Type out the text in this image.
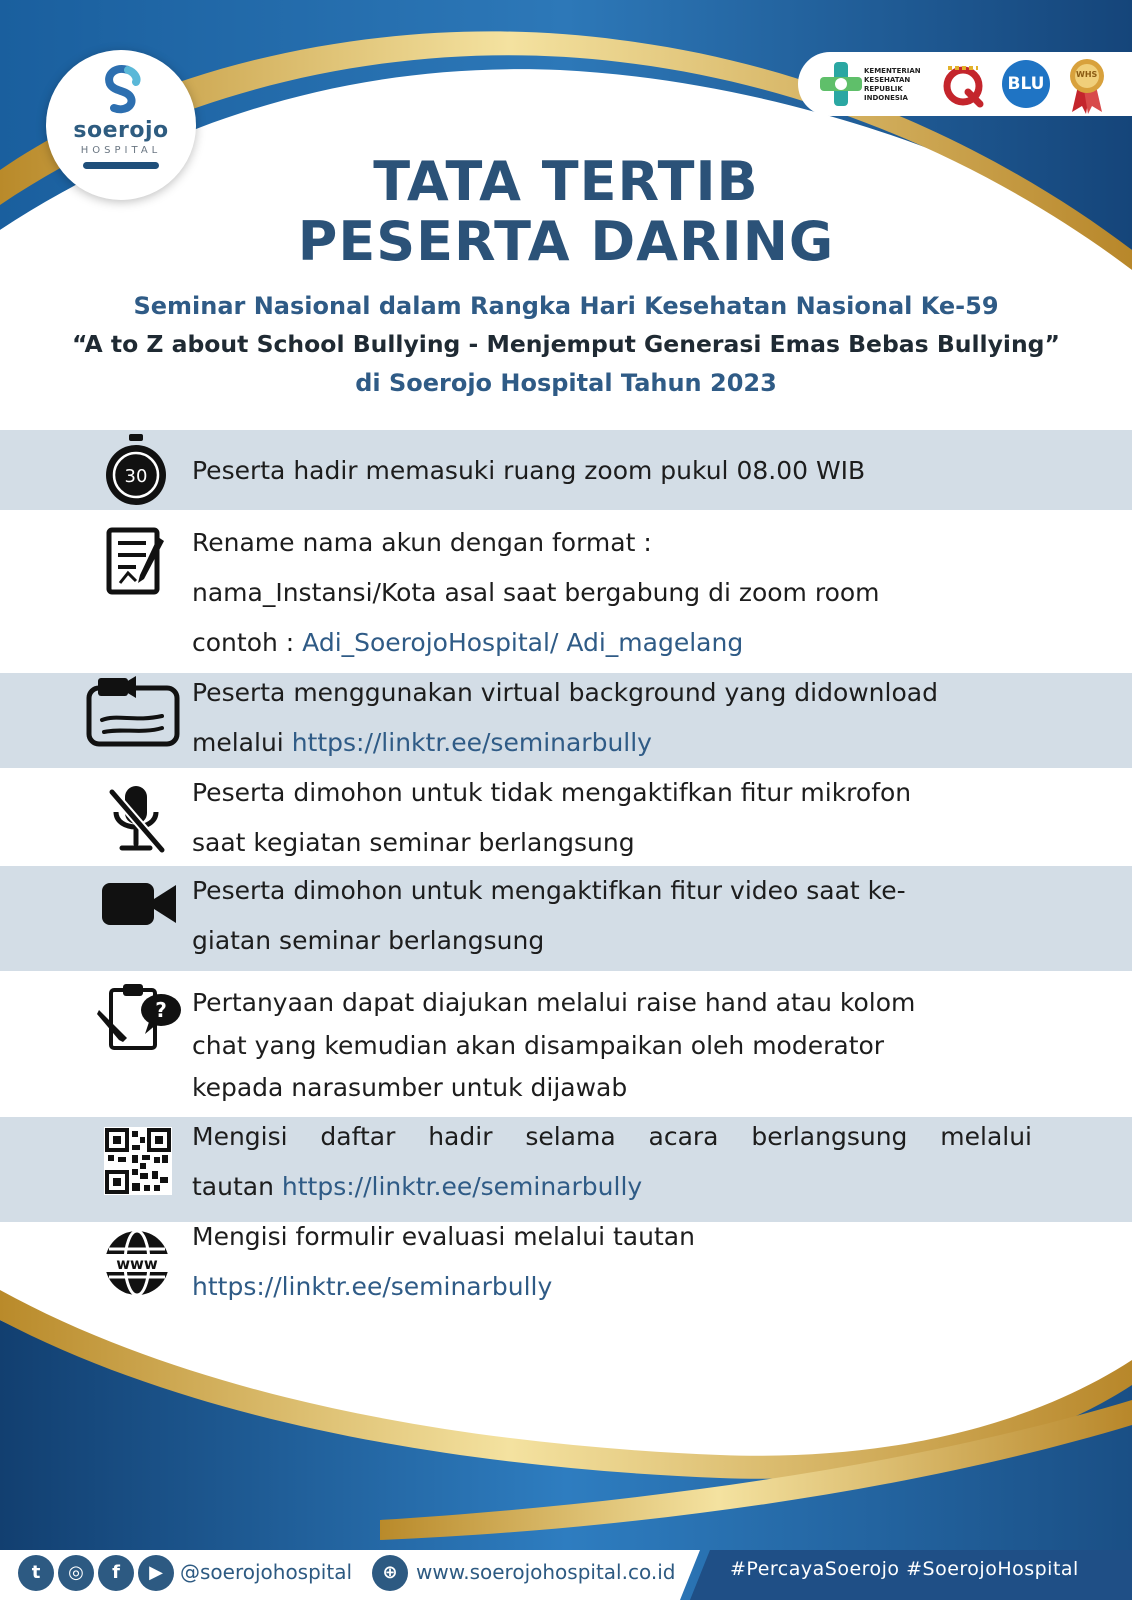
soerojo
HOSPITAL
KEMENTERIAN KESEHATAN REPUBLIK INDONESIA
BLU	WHS
TATA TERTIB
PESERTA DARING

Seminar Nasional dalam Rangka Hari Kesehatan Nasional Ke-59

“A to Z about School Bullying - Menjemput Generasi Emas Bebas Bullying”

di Soerojo Hospital Tahun 2023

30 Peserta hadir memasuki ruang zoom pukul 08.00 WIB

Rename nama akun dengan format :
nama_Instansi/Kota asal saat bergabung di zoom room
contoh : Adi_SoerojoHospital/ Adi_magelang

Peserta menggunakan virtual background yang didownload
melalui https://linktr.ee/seminarbully

Peserta dimohon untuk tidak mengaktifkan fitur mikrofon
saat kegiatan seminar berlangsung

Peserta dimohon untuk mengaktifkan fitur video saat ke-
giatan seminar berlangsung

? Pertanyaan dapat diajukan melalui raise hand atau kolom
chat yang kemudian akan disampaikan oleh moderator
kepada narasumber untuk dijawab

Mengisi daftar hadir selama acara berlangsung melalui
tautan https://linktr.ee/seminarbully

www

Mengisi formulir evaluasi melalui tautan
https://linktr.ee/seminarbully

t	◎	f	▶ @soerojohospital	⊕ www.soerojohospital.co.id	#PercayaSoerojo #SoerojoHospital
